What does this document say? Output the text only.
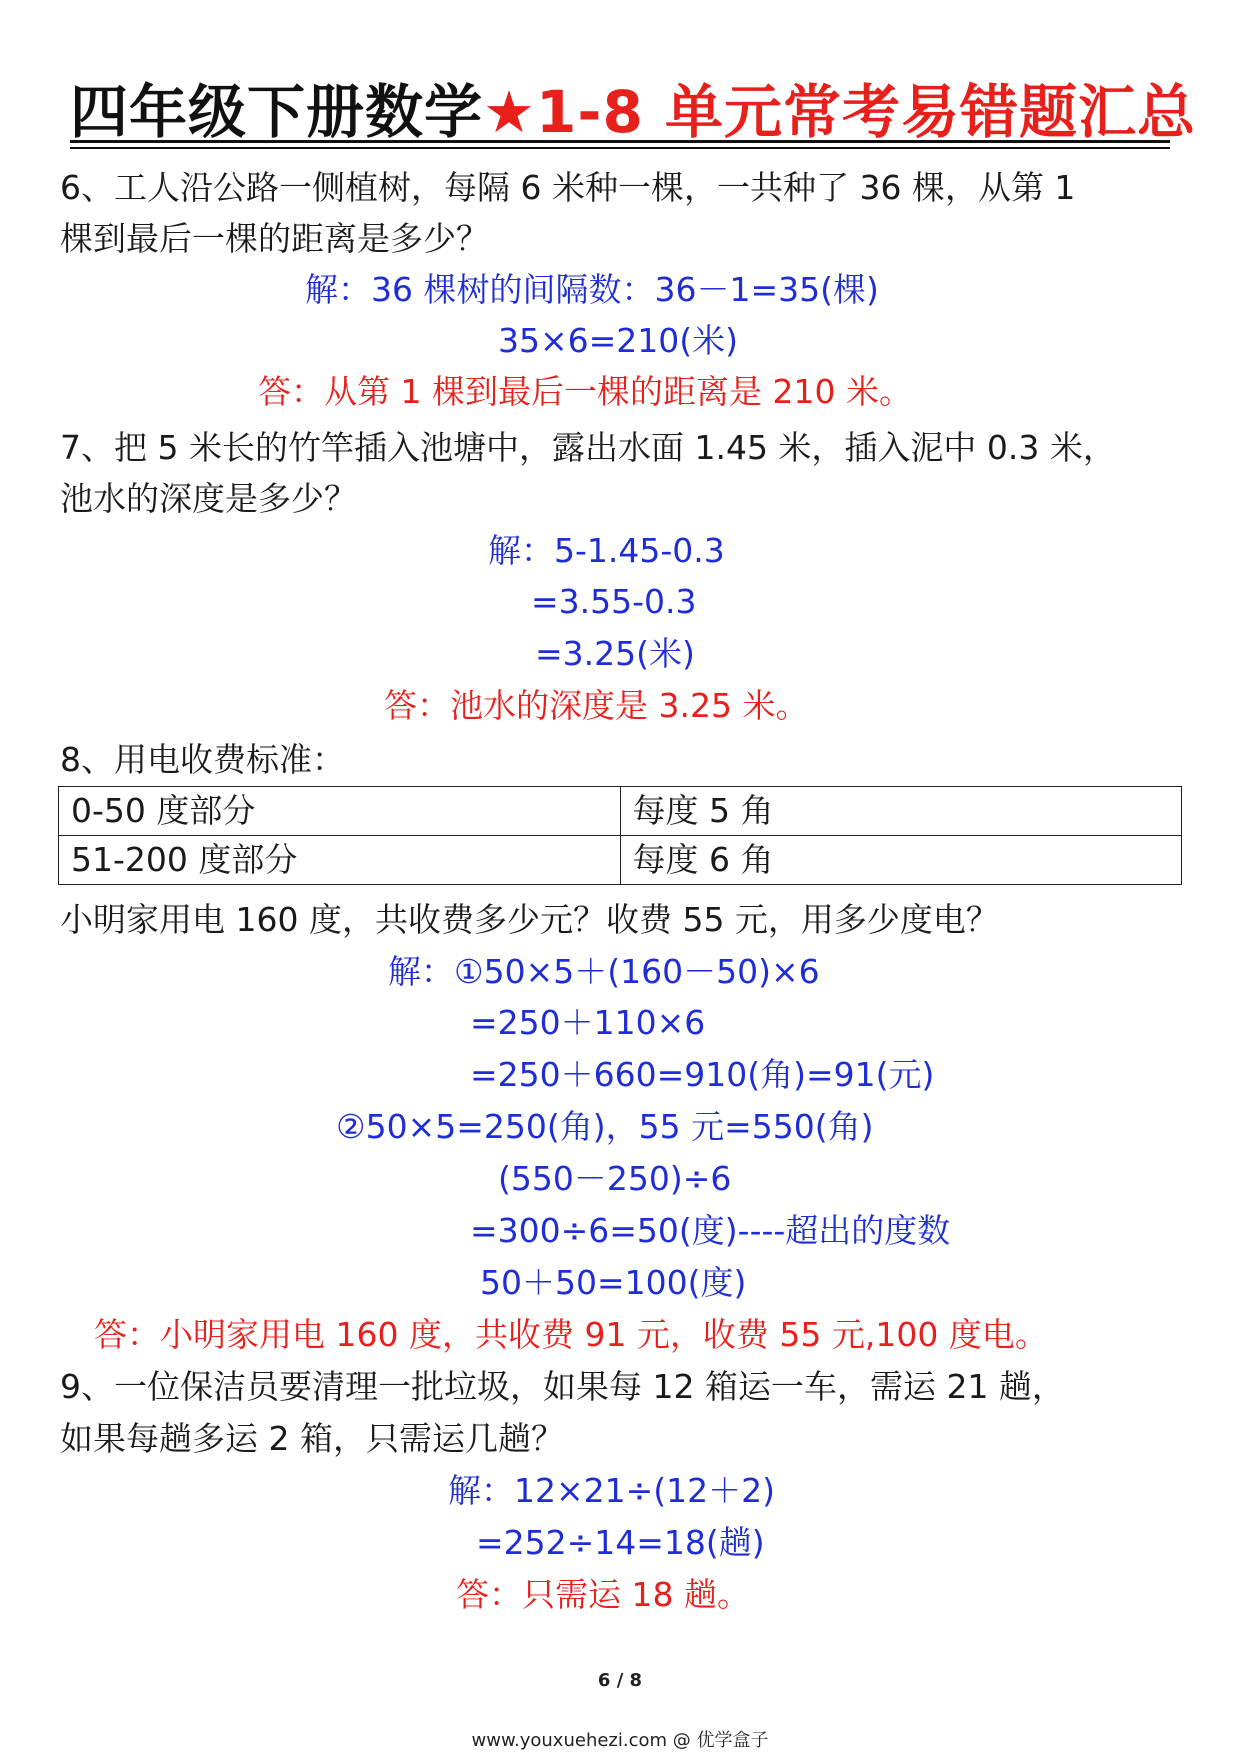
四年级下册数学★1-8 单元常考易错题汇总
6、工人沿公路一侧植树，每隔 6 米种一棵，一共种了 36 棵，从第 1
棵到最后一棵的距离是多少？
解：36 棵树的间隔数：36－1=35(棵)
35×6=210(米)
答：从第 1 棵到最后一棵的距离是 210 米。
7、把 5 米长的竹竿插入池塘中，露出水面 1.45 米，插入泥中 0.3 米，
池水的深度是多少？
解：5-1.45-0.3
=3.55-0.3
=3.25(米)
答：池水的深度是 3.25 米。
8、用电收费标准：
0-50 度部分	每度 5 角
51-200 度部分	每度 6 角
小明家用电 160 度，共收费多少元？收费 55 元，用多少度电？
解：①50×5＋(160－50)×6
=250＋110×6
=250＋660=910(角)=91(元)
②50×5=250(角)，55 元=550(角)
(550－250)÷6
=300÷6=50(度)----超出的度数
50＋50=100(度)
答：小明家用电 160 度，共收费 91 元，收费 55 元,100 度电。
9、一位保洁员要清理一批垃圾，如果每 12 箱运一车，需运 21 趟，
如果每趟多运 2 箱，只需运几趟？
解：12×21÷(12＋2)
=252÷14=18(趟)
答：只需运 18 趟。
6 / 8
www.youxuehezi.com @ 优学盒子
